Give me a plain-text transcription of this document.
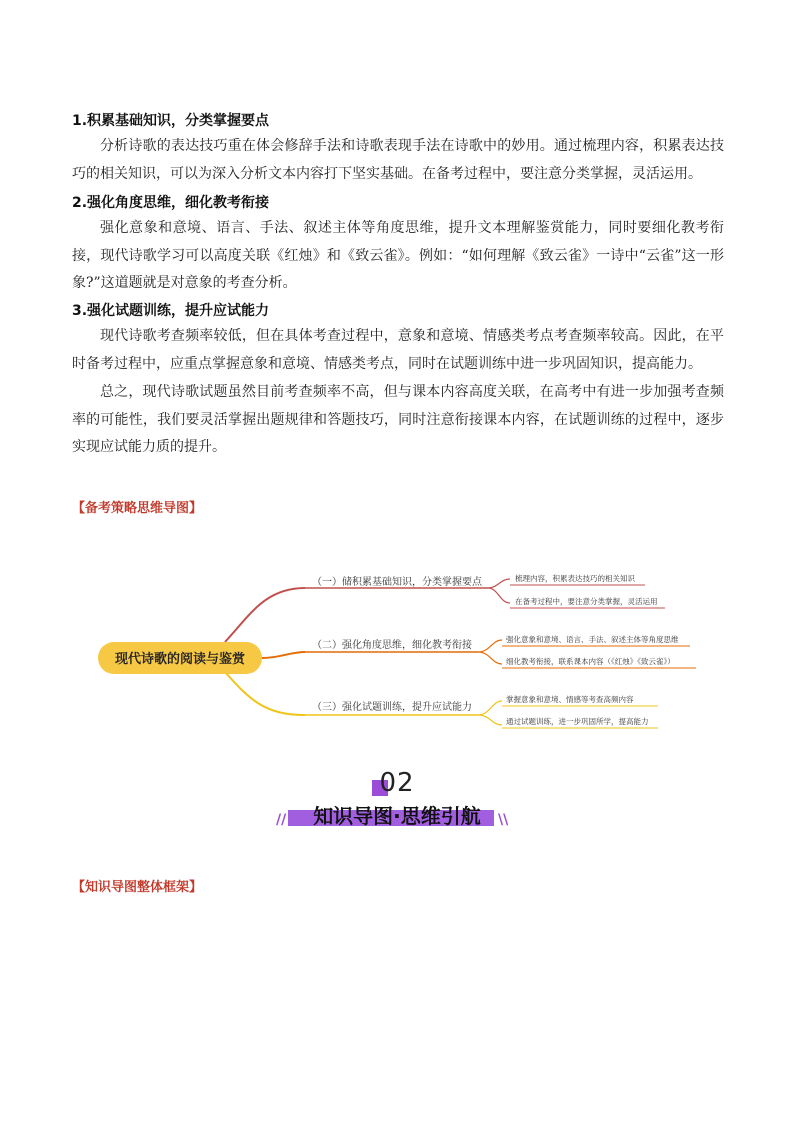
1.积累基础知识，分类掌握要点
分析诗歌的表达技巧重在体会修辞手法和诗歌表现手法在诗歌中的妙用。通过梳理内容，积累表达技巧的相关知识，可以为深入分析文本内容打下坚实基础。在备考过程中，要注意分类掌握，灵活运用。
2.强化角度思维，细化教考衔接
强化意象和意境、语言、手法、叙述主体等角度思维，提升文本理解鉴赏能力，同时要细化教考衔接，现代诗歌学习可以高度关联《红烛》和《致云雀》。例如：“如何理解《致云雀》一诗中“云雀”这一形象?”这道题就是对意象的考查分析。
3.强化试题训练，提升应试能力
现代诗歌考查频率较低，但在具体考查过程中，意象和意境、情感类考点考查频率较高。因此，在平时备考过程中，应重点掌握意象和意境、情感类考点，同时在试题训练中进一步巩固知识，提高能力。
总之，现代诗歌试题虽然目前考查频率不高，但与课本内容高度关联，在高考中有进一步加强考查频率的可能性，我们要灵活掌握出题规律和答题技巧，同时注意衔接课本内容，在试题训练的过程中，逐步实现应试能力质的提升。
【备考策略思维导图】
现代诗歌的阅读与鉴赏
（一）储积累基础知识，分类掌握要点
（二）强化角度思维，细化教考衔接
（三）强化试题训练，提升应试能力
梳理内容，积累表达技巧的相关知识
在备考过程中，要注意分类掌握，灵活运用
强化意象和意境、语言、手法、叙述主体等角度思维
细化教考衔接，联系课本内容（《红烛》《致云雀》）
掌握意象和意境、情感等考查高频内容
通过试题训练，进一步巩固所学，提高能力
02
//	\\
知识导图·思维引航
【知识导图整体框架】
